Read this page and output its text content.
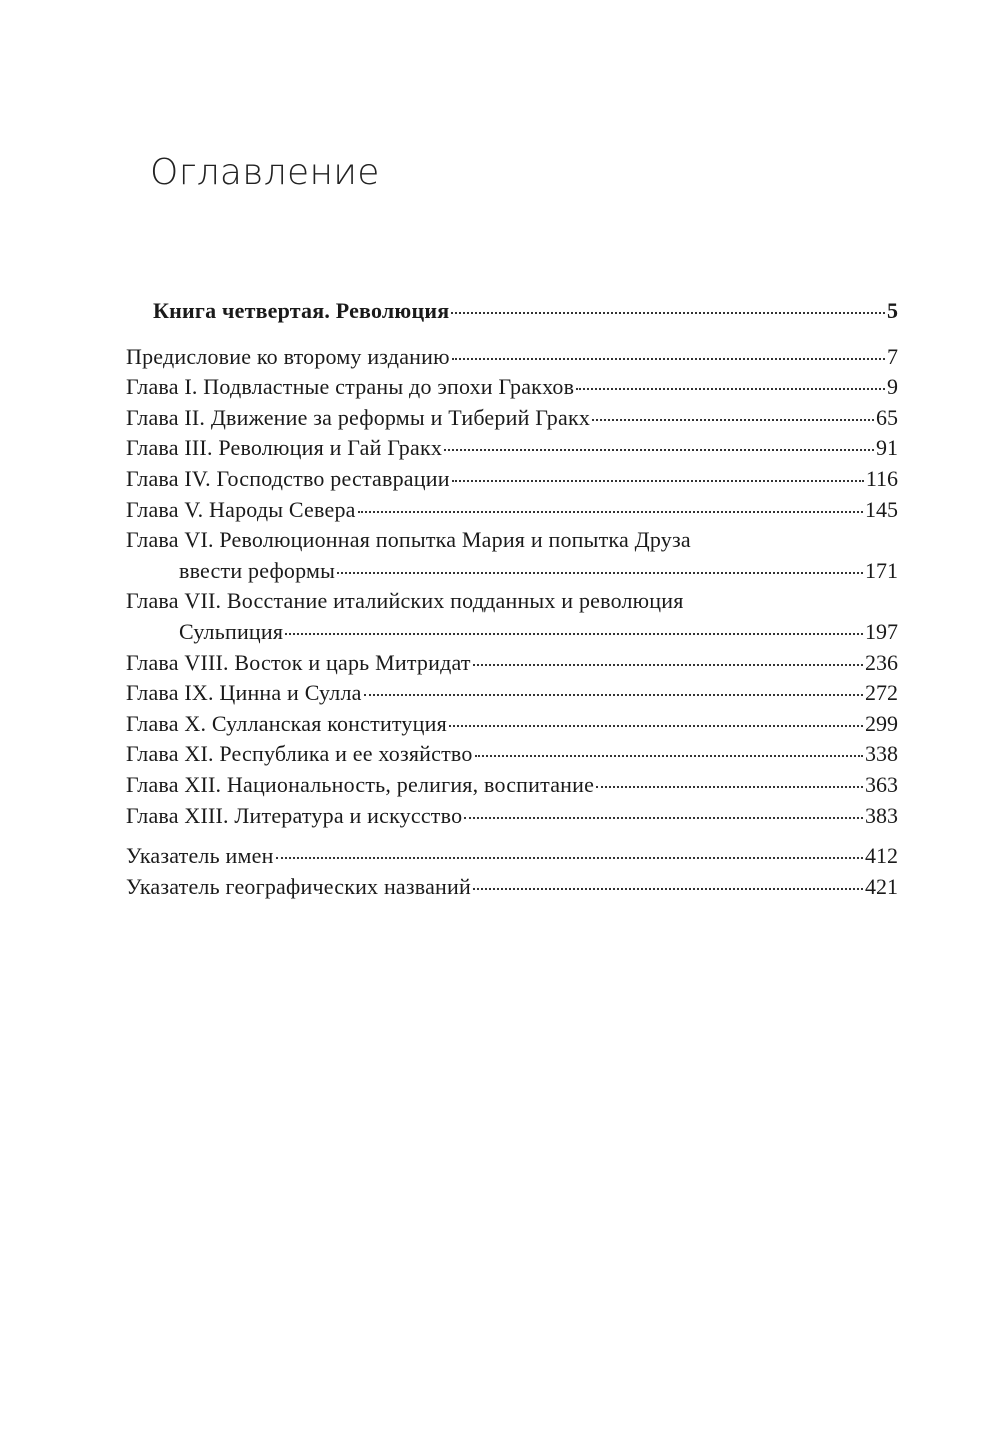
Оглавление
Книга четвертая. Революция	5
Предисловие ко второму изданию	7
Глава I. Подвластные страны до эпохи Гракхов	9
Глава II. Движение за реформы и Тиберий Гракх	65
Глава III. Революция и Гай Гракх	91
Глава IV. Господство реставрации	116
Глава V. Народы Севера	145
Глава VI. Революционная попытка Мария и попытка Друза
ввести реформы	171
Глава VII. Восстание италийских подданных и революция
Сульпиция	197
Глава VIII. Восток и царь Митридат	236
Глава IX. Цинна и Сулла	272
Глава X. Сулланская конституция	299
Глава XI. Республика и ее хозяйство	338
Глава XII. Национальность, религия, воспитание	363
Глава XIII. Литература и искусство	383
Указатель имен	412
Указатель географических названий	421
